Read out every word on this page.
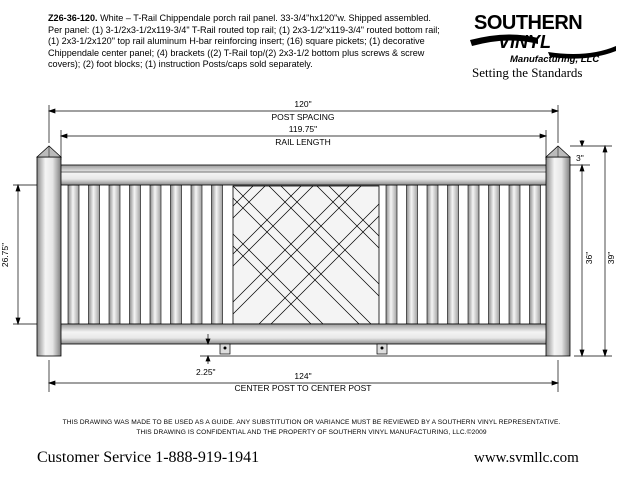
Z26-36-120. White – T-Rail Chippendale porch rail panel. 33-3/4"hx120"w. Shipped assembled. Per panel: (1) 3-1/2x3-1/2x119-3/4" T-Rail routed top rail; (1) 2x3-1/2"x119-3/4" routed bottom rail; (1) 2x3-1/2x120" top rail aluminum H-bar reinforcing insert; (16) square pickets; (1) decorative Chippendale center panel; (4) brackets ((2) T-Rail top/(2) 2x3-1/2 bottom plus screws & screw covers); (2) foot blocks; (1) instruction Posts/caps sold separately.
SOUTHERN
VINYL
Manufacturing, LLC
Setting the Standards
120"
POST SPACING
119.75"
RAIL LENGTH
26.75"
3"
36" 39"
2.25"	124"
CENTER POST TO CENTER POST
THIS DRAWING WAS MADE TO BE USED AS A GUIDE. ANY SUBSTITUTION OR VARIANCE MUST BE REVIEWED BY A SOUTHERN VINYL REPRESENTATIVE.
THIS DRAWING IS CONFIDENTIAL AND THE PROPERTY OF SOUTHERN VINYL MANUFACTURING, LLC.©2009
Customer Service 1-888-919-1941	www.svmllc.com
